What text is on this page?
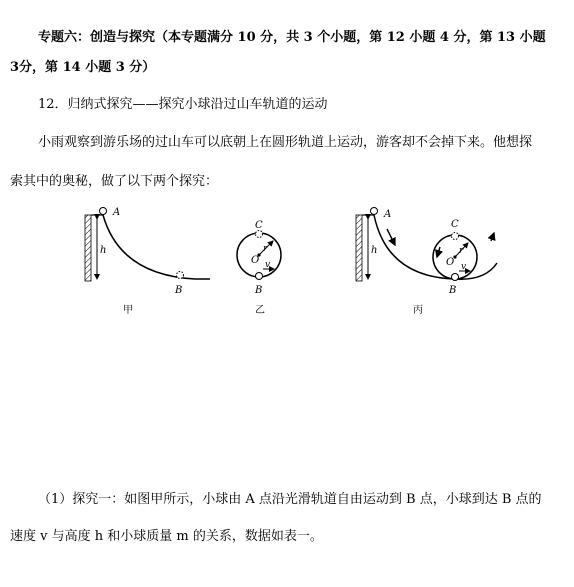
专题六：创造与探究（本专题满分 10 分，共 3 个小题，第 12 小题 4 分，第 13 小题
3分，第 14 小题 3 分）
12．归纳式探究——探究小球沿过山车轨道的运动
小雨观察到游乐场的过山车可以底朝上在圆形轨道上运动，游客却不会掉下来。他想探
索其中的奥秘，做了以下两个探究：
h
A
B
甲
C
r
O v
B
乙
h
A
C
r
O v
B
丙
（1）探究一：如图甲所示，小球由 A 点沿光滑轨道自由运动到 B 点，小球到达 B 点的
速度 v 与高度 h 和小球质量 m 的关系，数据如表一。
